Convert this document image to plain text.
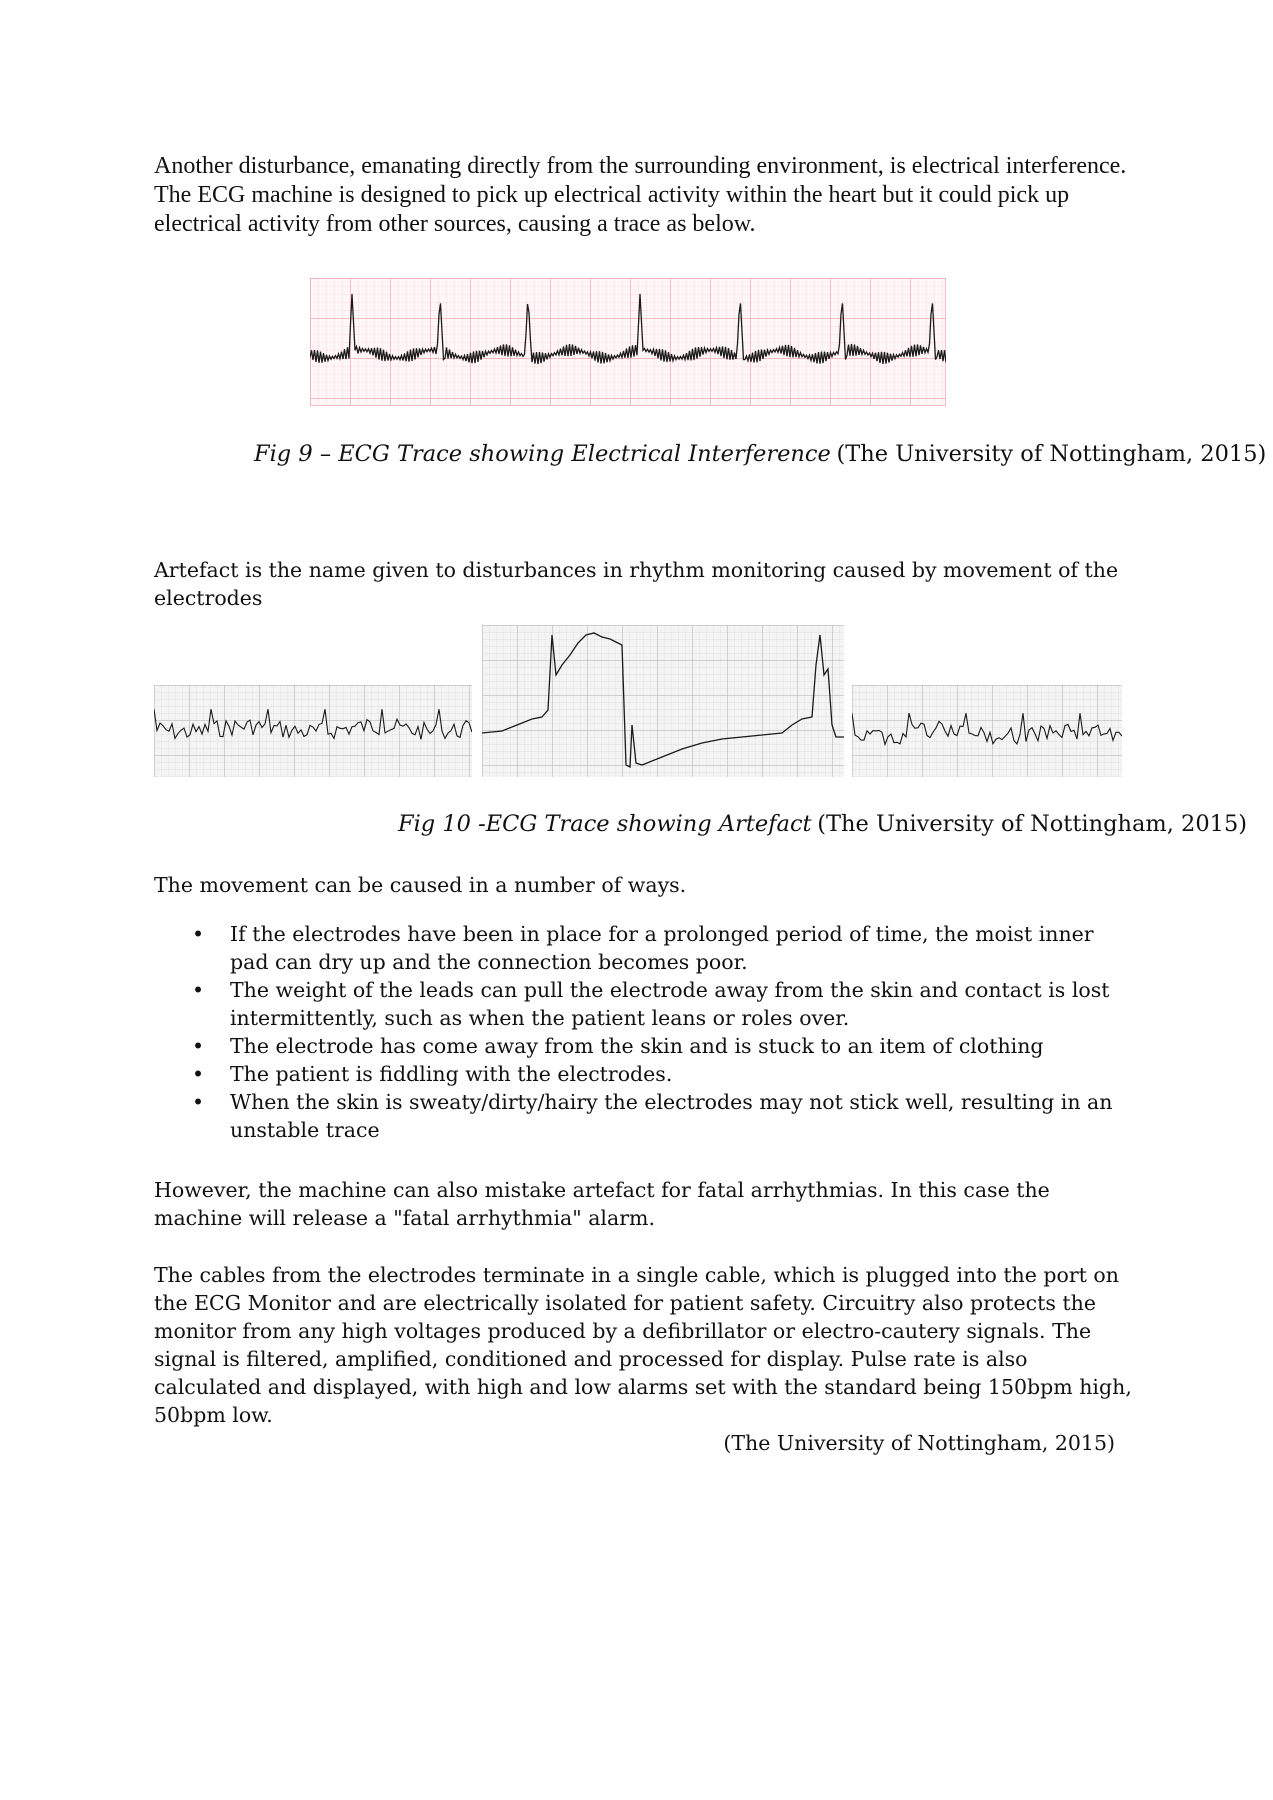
Another disturbance, emanating directly from the surrounding environment, is electrical interference. The ECG machine is designed to pick up electrical activity within the heart but it could pick up electrical activity from other sources, causing a trace as below.

Fig 9 – ECG Trace showing Electrical Interference (The University of Nottingham, 2015)

Artefact is the name given to disturbances in rhythm monitoring caused by movement of the electrodes

Fig 10 -ECG Trace showing Artefact (The University of Nottingham, 2015)

The movement can be caused in a number of ways.

• If the electrodes have been in place for a prolonged period of time, the moist inner pad can dry up and the connection becomes poor.
• The weight of the leads can pull the electrode away from the skin and contact is lost intermittently, such as when the patient leans or roles over.
• The electrode has come away from the skin and is stuck to an item of clothing
• The patient is fiddling with the electrodes.
• When the skin is sweaty/dirty/hairy the electrodes may not stick well, resulting in an unstable trace

However, the machine can also mistake artefact for fatal arrhythmias. In this case the machine will release a "fatal arrhythmia" alarm.

The cables from the electrodes terminate in a single cable, which is plugged into the port on the ECG Monitor and are electrically isolated for patient safety. Circuitry also protects the monitor from any high voltages produced by a defibrillator or electro-cautery signals. The signal is filtered, amplified, conditioned and processed for display. Pulse rate is also calculated and displayed, with high and low alarms set with the standard being 150bpm high, 50bpm low.

(The University of Nottingham, 2015)
